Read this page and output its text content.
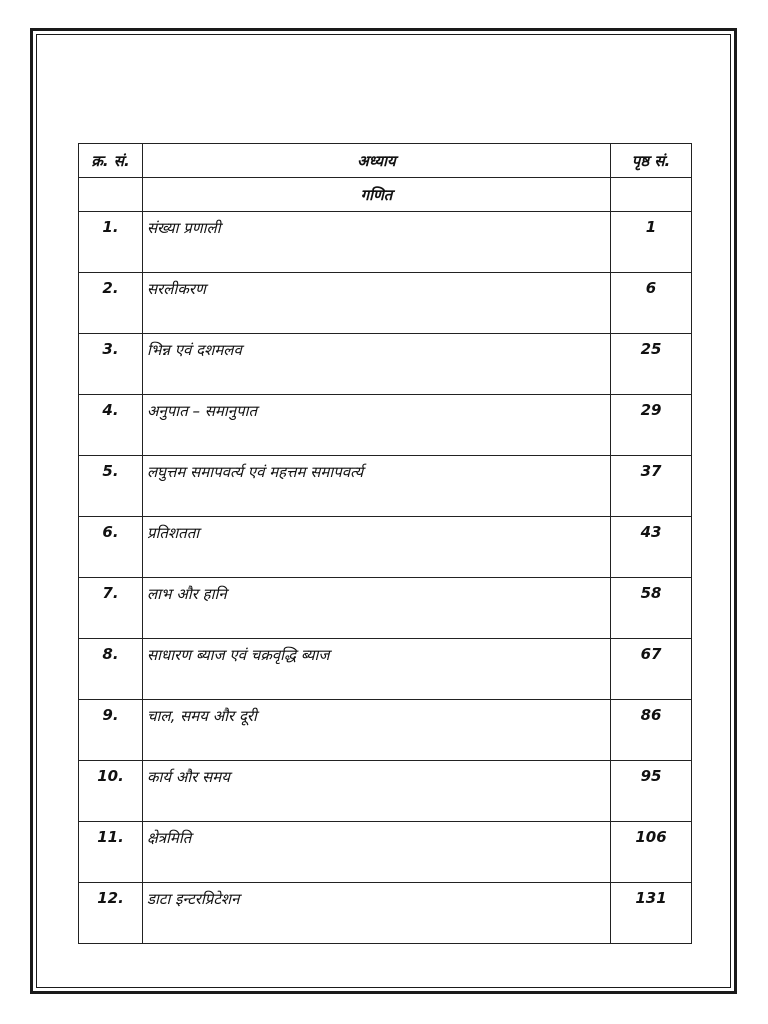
क्र. सं.	अध्याय	पृष्ठ सं.
	गणित	
1.	संख्या प्रणाली	1
2.	सरलीकरण	6
3.	भिन्न एवं दशमलव	25
4.	अनुपात – समानुपात	29
5.	लघुत्तम समापवर्त्य एवं महत्तम समापवर्त्य	37
6.	प्रतिशतता	43
7.	लाभ और हानि	58
8.	साधारण ब्याज एवं चक्रवृद्धि ब्याज	67
9.	चाल, समय और दूरी	86
10.	कार्य और समय	95
11.	क्षेत्रमिति	106
12.	डाटा इन्टरप्रिटेशन	131
